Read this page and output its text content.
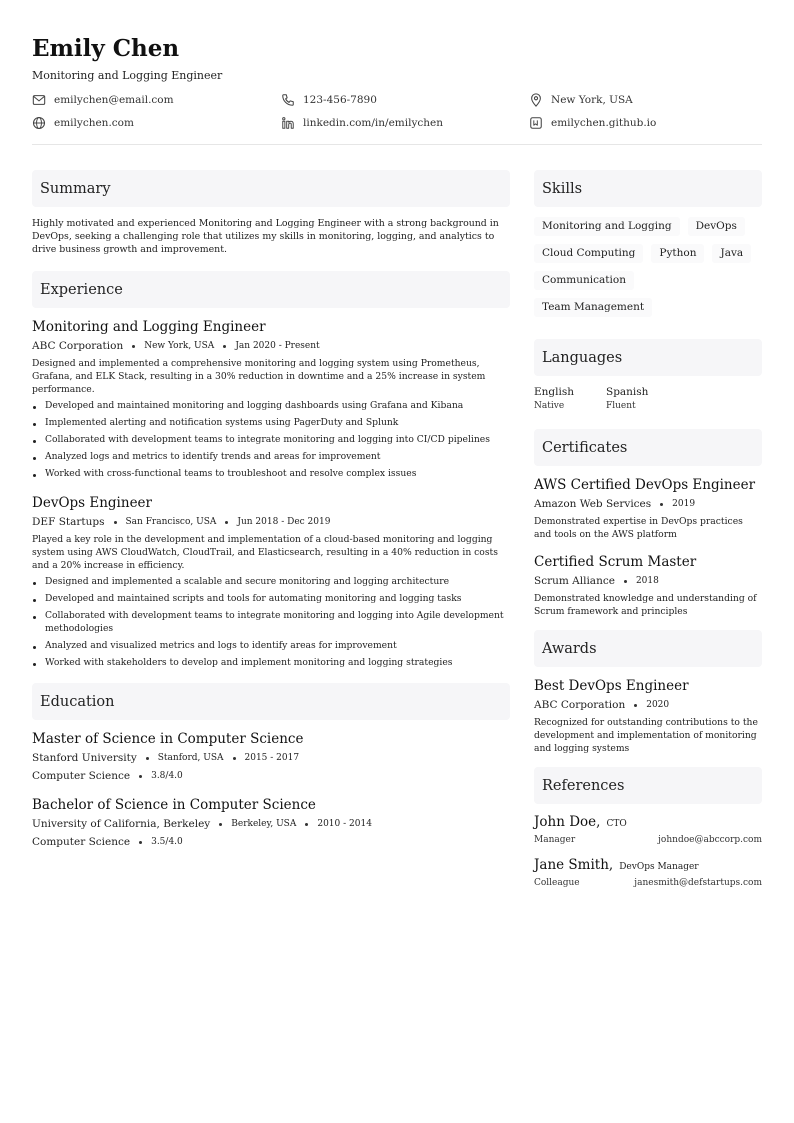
Emily Chen
Monitoring and Logging Engineer
emilychen@email.com	123-456-7890	New York, USA
emilychen.com	linkedin.com/in/emilychen	emilychen.github.io
Summary

Highly motivated and experienced Monitoring and Logging Engineer with a strong background in DevOps, seeking a challenging role that utilizes my skills in monitoring, logging, and analytics to drive business growth and improvement.

Experience
Monitoring and Logging Engineer
ABC Corporation New York, USA Jan 2020 - Present
Designed and implemented a comprehensive monitoring and logging system using Prometheus, Grafana, and ELK Stack, resulting in a 30% reduction in downtime and a 25% increase in system performance.
Developed and maintained monitoring and logging dashboards using Grafana and Kibana
Implemented alerting and notification systems using PagerDuty and Splunk
Collaborated with development teams to integrate monitoring and logging into CI/CD pipelines
Analyzed logs and metrics to identify trends and areas for improvement
Worked with cross-functional teams to troubleshoot and resolve complex issues
DevOps Engineer
DEF Startups San Francisco, USA Jun 2018 - Dec 2019
Played a key role in the development and implementation of a cloud-based monitoring and logging system using AWS CloudWatch, CloudTrail, and Elasticsearch, resulting in a 40% reduction in costs and a 20% increase in efficiency.
Designed and implemented a scalable and secure monitoring and logging architecture
Developed and maintained scripts and tools for automating monitoring and logging tasks
Collaborated with development teams to integrate monitoring and logging into Agile development methodologies
Analyzed and visualized metrics and logs to identify areas for improvement
Worked with stakeholders to develop and implement monitoring and logging strategies
Education
Master of Science in Computer Science
Stanford University Stanford, USA 2015 - 2017
Computer Science 3.8/4.0
Bachelor of Science in Computer Science
University of California, Berkeley Berkeley, USA 2010 - 2014
Computer Science 3.5/4.0
Skills
Monitoring and Logging	DevOps
Cloud Computing	Python	Java
Communication
Team Management
Languages
English
Native
Spanish
Fluent
Certificates
AWS Certified DevOps Engineer
Amazon Web Services 2019
Demonstrated expertise in DevOps practices and tools on the AWS platform
Certified Scrum Master
Scrum Alliance 2018
Demonstrated knowledge and understanding of Scrum framework and principles
Awards
Best DevOps Engineer
ABC Corporation 2020
Recognized for outstanding contributions to the development and implementation of monitoring and logging systems
References
John Doe, CTO
Manager	johndoe@abccorp.com
Jane Smith, DevOps Manager
Colleague	janesmith@defstartups.com
